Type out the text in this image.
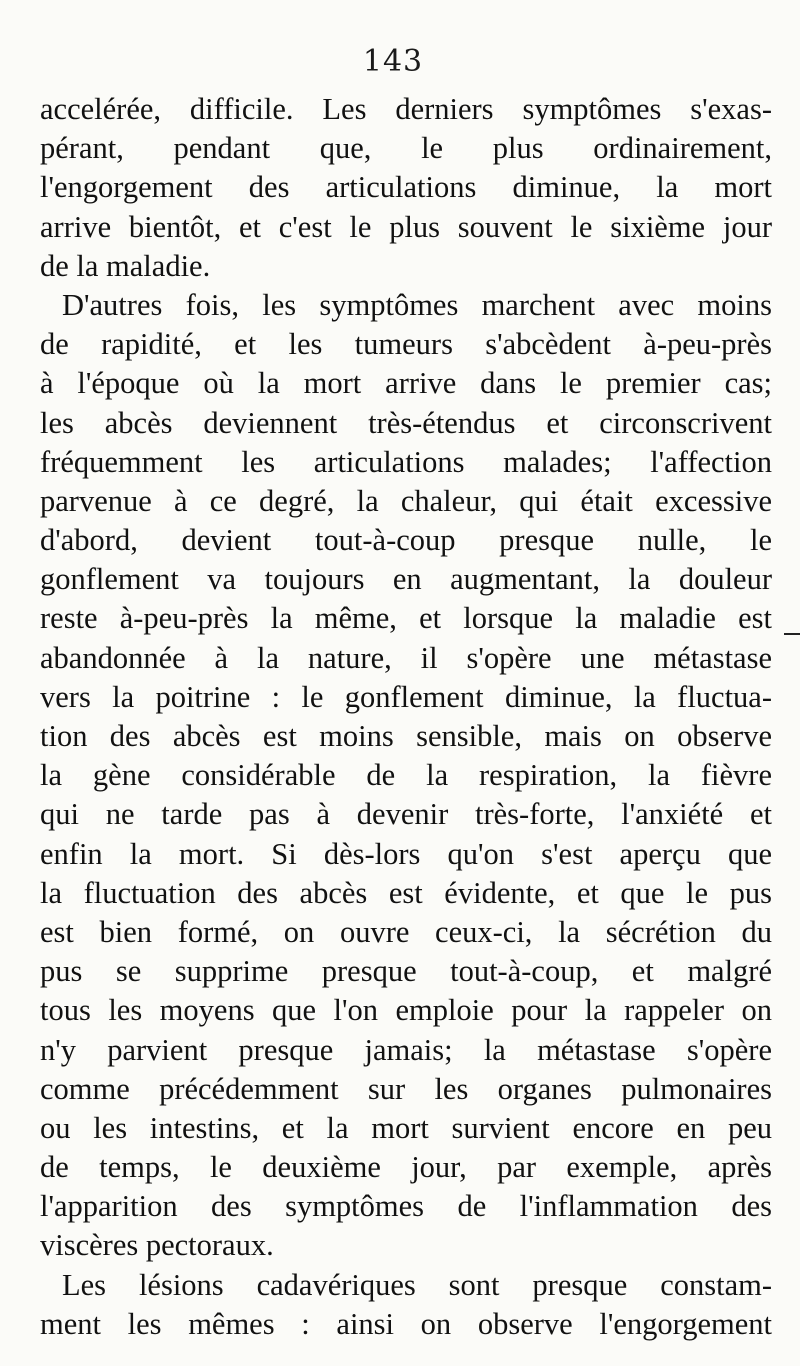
143
accelérée, difficile. Les derniers symptômes s'exas-
pérant, pendant que, le plus ordinairement,
l'engorgement des articulations diminue, la mort
arrive bientôt, et c'est le plus souvent le sixième jour
de la maladie.
D'autres fois, les symptômes marchent avec moins
de rapidité, et les tumeurs s'abcèdent à-peu-près
à l'époque où la mort arrive dans le premier cas;
les abcès deviennent très-étendus et circonscrivent
fréquemment les articulations malades; l'affection
parvenue à ce degré, la chaleur, qui était excessive
d'abord, devient tout-à-coup presque nulle, le
gonflement va toujours en augmentant, la douleur
reste à-peu-près la même, et lorsque la maladie est
abandonnée à la nature, il s'opère une métastase
vers la poitrine : le gonflement diminue, la fluctua-
tion des abcès est moins sensible, mais on observe
la gène considérable de la respiration, la fièvre
qui ne tarde pas à devenir très-forte, l'anxiété et
enfin la mort. Si dès-lors qu'on s'est aperçu que
la fluctuation des abcès est évidente, et que le pus
est bien formé, on ouvre ceux-ci, la sécrétion du
pus se supprime presque tout-à-coup, et malgré
tous les moyens que l'on emploie pour la rappeler on
n'y parvient presque jamais; la métastase s'opère
comme précédemment sur les organes pulmonaires
ou les intestins, et la mort survient encore en peu
de temps, le deuxième jour, par exemple, après
l'apparition des symptômes de l'inflammation des
viscères pectoraux.
Les lésions cadavériques sont presque constam-
ment les mêmes : ainsi on observe l'engorgement
